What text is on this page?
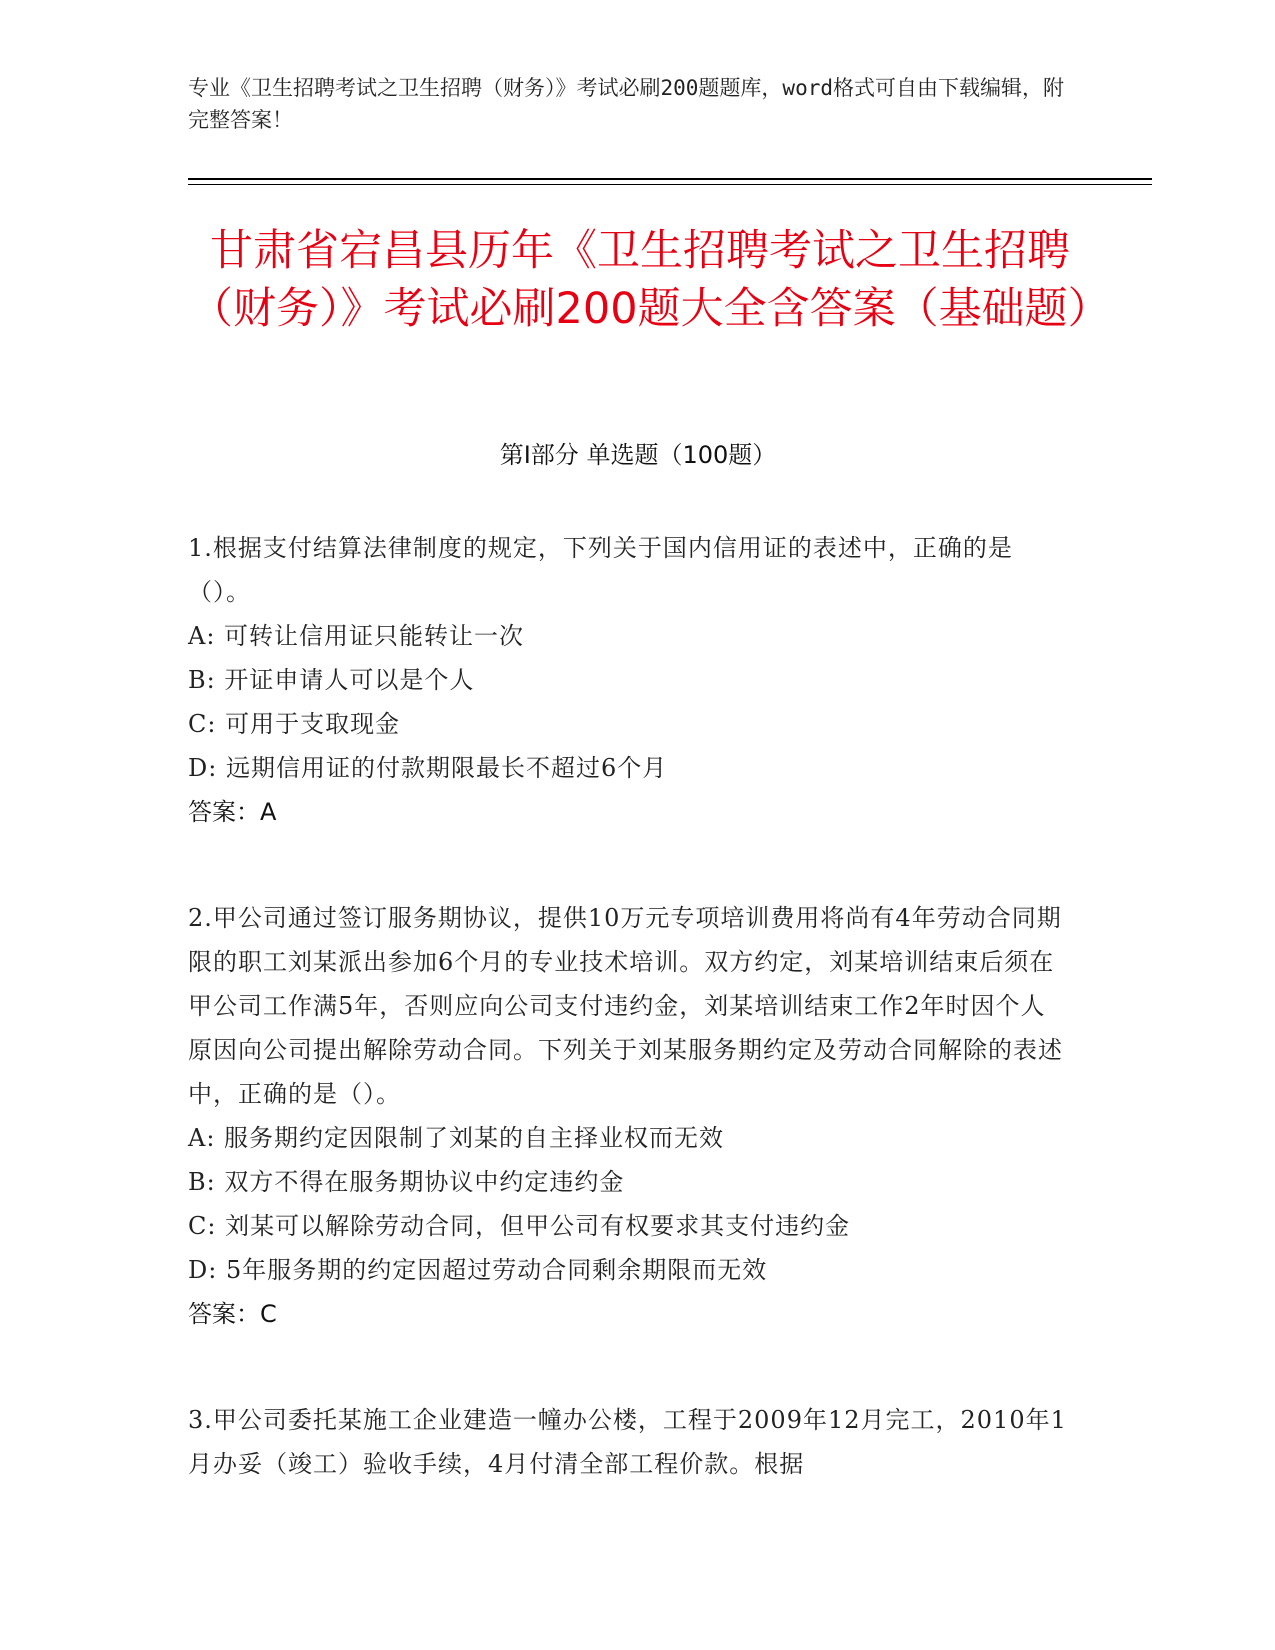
专业《卫生招聘考试之卫生招聘（财务）》考试必刷200题题库，word格式可自由下载编辑，附完整答案！
甘肃省宕昌县历年《卫生招聘考试之卫生招聘（财务）》考试必刷200题大全含答案（基础题）
第Ⅰ部分 单选题（100题）
1.根据支付结算法律制度的规定，下列关于国内信用证的表述中，正确的是（）。
A: 可转让信用证只能转让一次
B: 开证申请人可以是个人
C: 可用于支取现金
D: 远期信用证的付款期限最长不超过6个月
答案：A
2.甲公司通过签订服务期协议，提供10万元专项培训费用将尚有4年劳动合同期限的职工刘某派出参加6个月的专业技术培训。双方约定，刘某培训结束后须在甲公司工作满5年，否则应向公司支付违约金，刘某培训结束工作2年时因个人原因向公司提出解除劳动合同。下列关于刘某服务期约定及劳动合同解除的表述中，正确的是（）。
A: 服务期约定因限制了刘某的自主择业权而无效
B: 双方不得在服务期协议中约定违约金
C: 刘某可以解除劳动合同，但甲公司有权要求其支付违约金
D: 5年服务期的约定因超过劳动合同剩余期限而无效
答案：C
3.甲公司委托某施工企业建造一幢办公楼，工程于2009年12月完工，2010年1月办妥（竣工）验收手续，4月付清全部工程价款。根据
